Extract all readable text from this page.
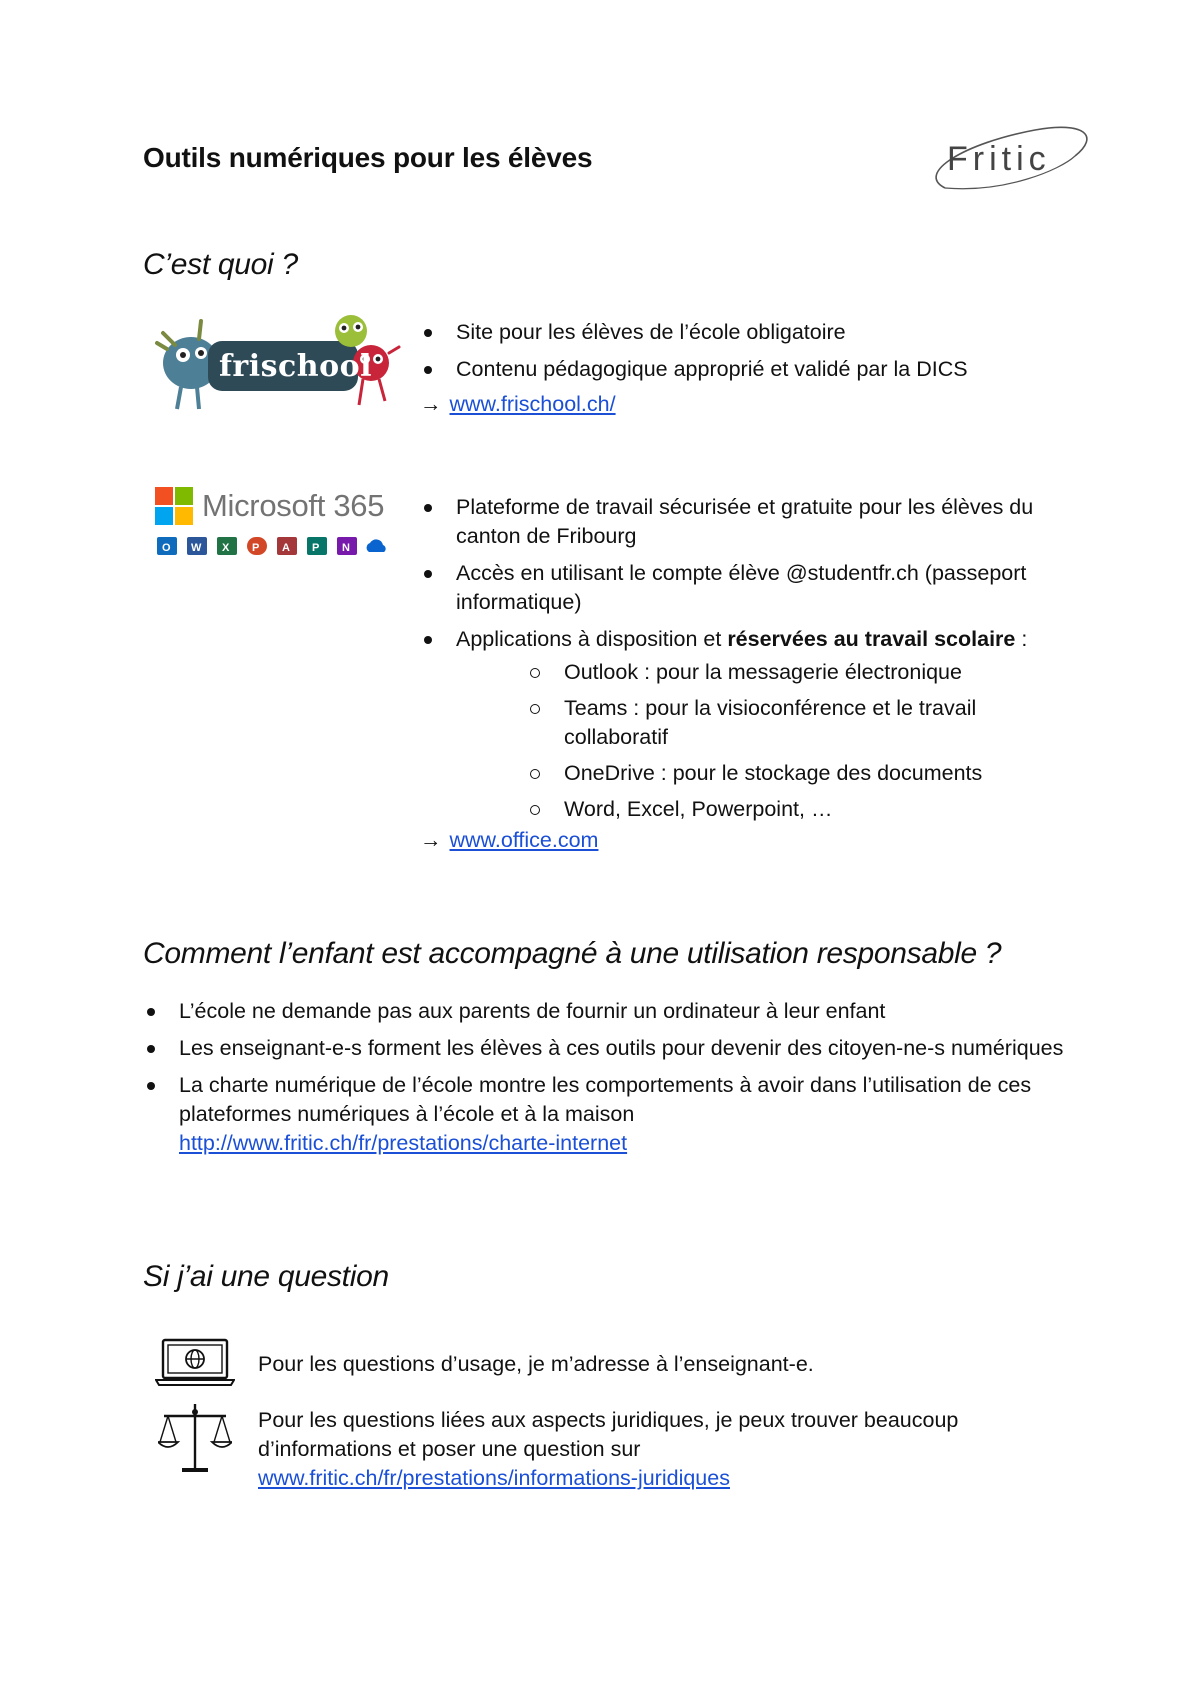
Outils numériques pour les élèves	Fritic
C’est quoi ?
frischool
Site pour les élèves de l’école obligatoire
Contenu pédagogique approprié et validé par la DICS
→ www.frischool.ch/
Microsoft 365
O W X P A P N
Plateforme de travail sécurisée et gratuite pour les élèves du canton de Fribourg
Accès en utilisant le compte élève @studentfr.ch (passeport informatique)
Applications à disposition et réservées au travail scolaire :
Outlook : pour la messagerie électronique
Teams : pour la visioconférence et le travail collaboratif
OneDrive : pour le stockage des documents
Word, Excel, Powerpoint, …
→ www.office.com
Comment l’enfant est accompagné à une utilisation responsable ?
L’école ne demande pas aux parents de fournir un ordinateur à leur enfant
Les enseignant-e-s forment les élèves à ces outils pour devenir des citoyen-ne-s numériques
La charte numérique de l’école montre les comportements à avoir dans l’utilisation de ces plateformes numériques à l’école et à la maison
http://www.fritic.ch/fr/prestations/charte-internet
Si j’ai une question
Pour les questions d’usage, je m’adresse à l’enseignant-e.
Pour les questions liées aux aspects juridiques, je peux trouver beaucoup d’informations et poser une question sur
www.fritic.ch/fr/prestations/informations-juridiques
